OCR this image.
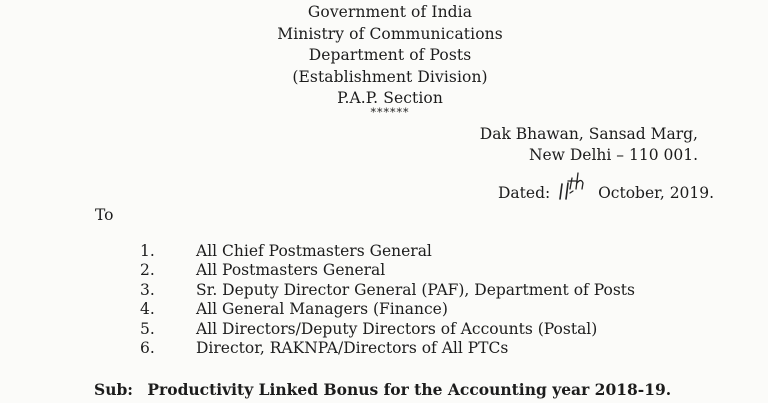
Government of India
Ministry of Communications
Department of Posts
(Establishment Division)
P.A.P. Section
******
Dak Bhawan, Sansad Marg,
New Delhi – 110 001.
Dated:	October, 2019.
To
1.	All Chief Postmasters General
2.	All Postmasters General
3.	Sr. Deputy Director General (PAF), Department of Posts
4.	All General Managers (Finance)
5.	All Directors/Deputy Directors of Accounts (Postal)
6.	Director, RAKNPA/Directors of All PTCs
Sub: Productivity Linked Bonus for the Accounting year 2018-19.
